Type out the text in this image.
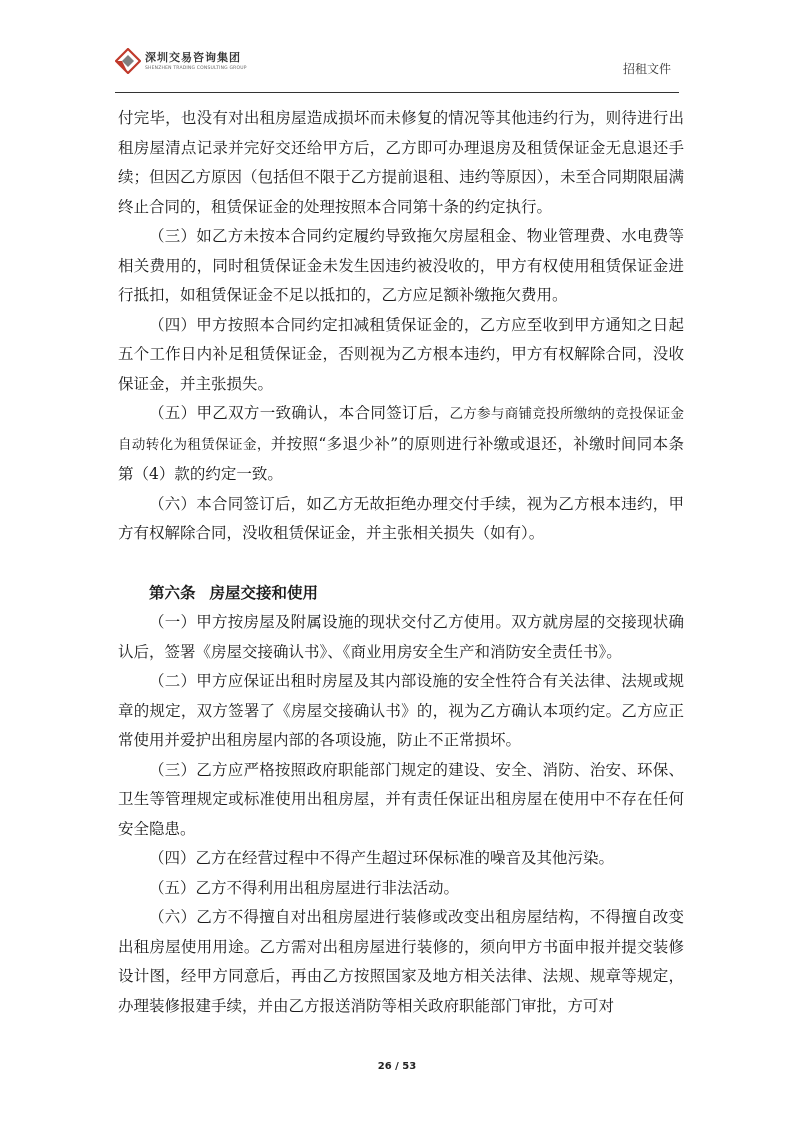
深圳交易咨询集团
SHENZHEN TRADING CONSULTING GROUP	招租文件

付完毕，也没有对出租房屋造成损坏而未修复的情况等其他违约行为，则待进行出租房屋清点记录并完好交还给甲方后，乙方即可办理退房及租赁保证金无息退还手续；但因乙方原因（包括但不限于乙方提前退租、违约等原因），未至合同期限届满终止合同的，租赁保证金的处理按照本合同第十条的约定执行。

（三）如乙方未按本合同约定履约导致拖欠房屋租金、物业管理费、水电费等相关费用的，同时租赁保证金未发生因违约被没收的，甲方有权使用租赁保证金进行抵扣，如租赁保证金不足以抵扣的，乙方应足额补缴拖欠费用。

（四）甲方按照本合同约定扣减租赁保证金的，乙方应至收到甲方通知之日起五个工作日内补足租赁保证金，否则视为乙方根本违约，甲方有权解除合同，没收保证金，并主张损失。

（五）甲乙双方一致确认，本合同签订后，乙方参与商铺竞投所缴纳的竞投保证金自动转化为租赁保证金，并按照“多退少补”的原则进行补缴或退还，补缴时间同本条第（4）款的约定一致。

（六）本合同签订后，如乙方无故拒绝办理交付手续，视为乙方根本违约，甲方有权解除合同，没收租赁保证金，并主张相关损失（如有）。

第六条 房屋交接和使用

（一）甲方按房屋及附属设施的现状交付乙方使用。双方就房屋的交接现状确认后，签署《房屋交接确认书》、《商业用房安全生产和消防安全责任书》。

（二）甲方应保证出租时房屋及其内部设施的安全性符合有关法律、法规或规章的规定，双方签署了《房屋交接确认书》的，视为乙方确认本项约定。乙方应正常使用并爱护出租房屋内部的各项设施，防止不正常损坏。

（三）乙方应严格按照政府职能部门规定的建设、安全、消防、治安、环保、卫生等管理规定或标准使用出租房屋，并有责任保证出租房屋在使用中不存在任何安全隐患。

（四）乙方在经营过程中不得产生超过环保标准的噪音及其他污染。

（五）乙方不得利用出租房屋进行非法活动。

（六）乙方不得擅自对出租房屋进行装修或改变出租房屋结构，不得擅自改变出租房屋使用用途。乙方需对出租房屋进行装修的，须向甲方书面申报并提交装修设计图，经甲方同意后，再由乙方按照国家及地方相关法律、法规、规章等规定，办理装修报建手续，并由乙方报送消防等相关政府职能部门审批，方可对

26 / 53
